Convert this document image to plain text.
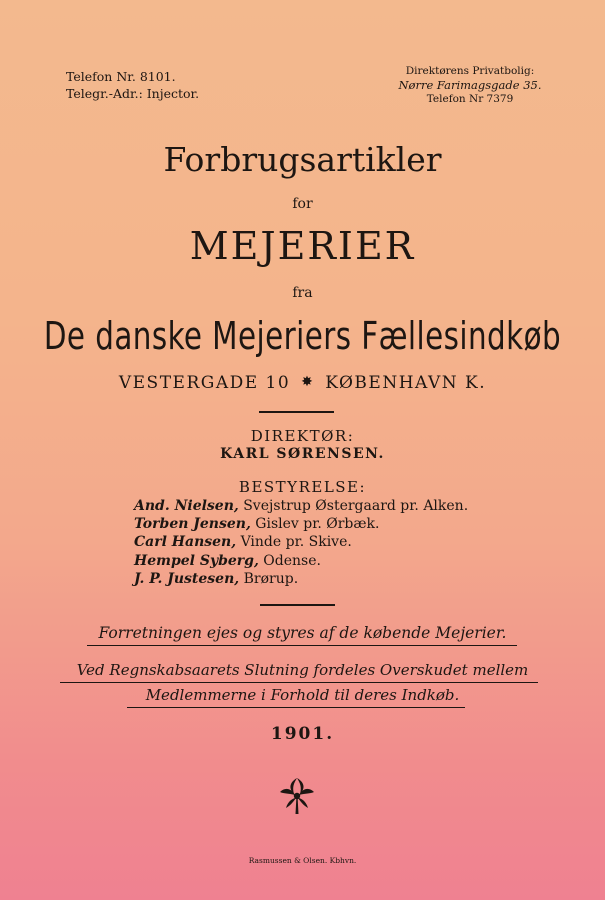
Telefon Nr. 8101.
Telegr.-Adr.: Injector.
Direktørens Privatbolig:
Nørre Farimagsgade 35.
Telefon Nr 7379
Forbrugsartikler
for
MEJERIER
fra
De danske Mejeriers Fællesindkøb
VESTERGADE 10 ✸ KØBENHAVN K.
DIREKTØR:
KARL SØRENSEN.
BESTYRELSE:
And. Nielsen, Svejstrup Østergaard pr. Alken.
Torben Jensen, Gislev pr. Ørbæk.
Carl Hansen, Vinde pr. Skive.
Hempel Syberg, Odense.
J. P. Justesen, Brørup.
Forretningen ejes og styres af de købende Mejerier.
Ved Regnskabsaarets Slutning fordeles Overskudet mellem
Medlemmerne i Forhold til deres Indkøb.
1901.
Rasmussen & Olsen. Kbhvn.
